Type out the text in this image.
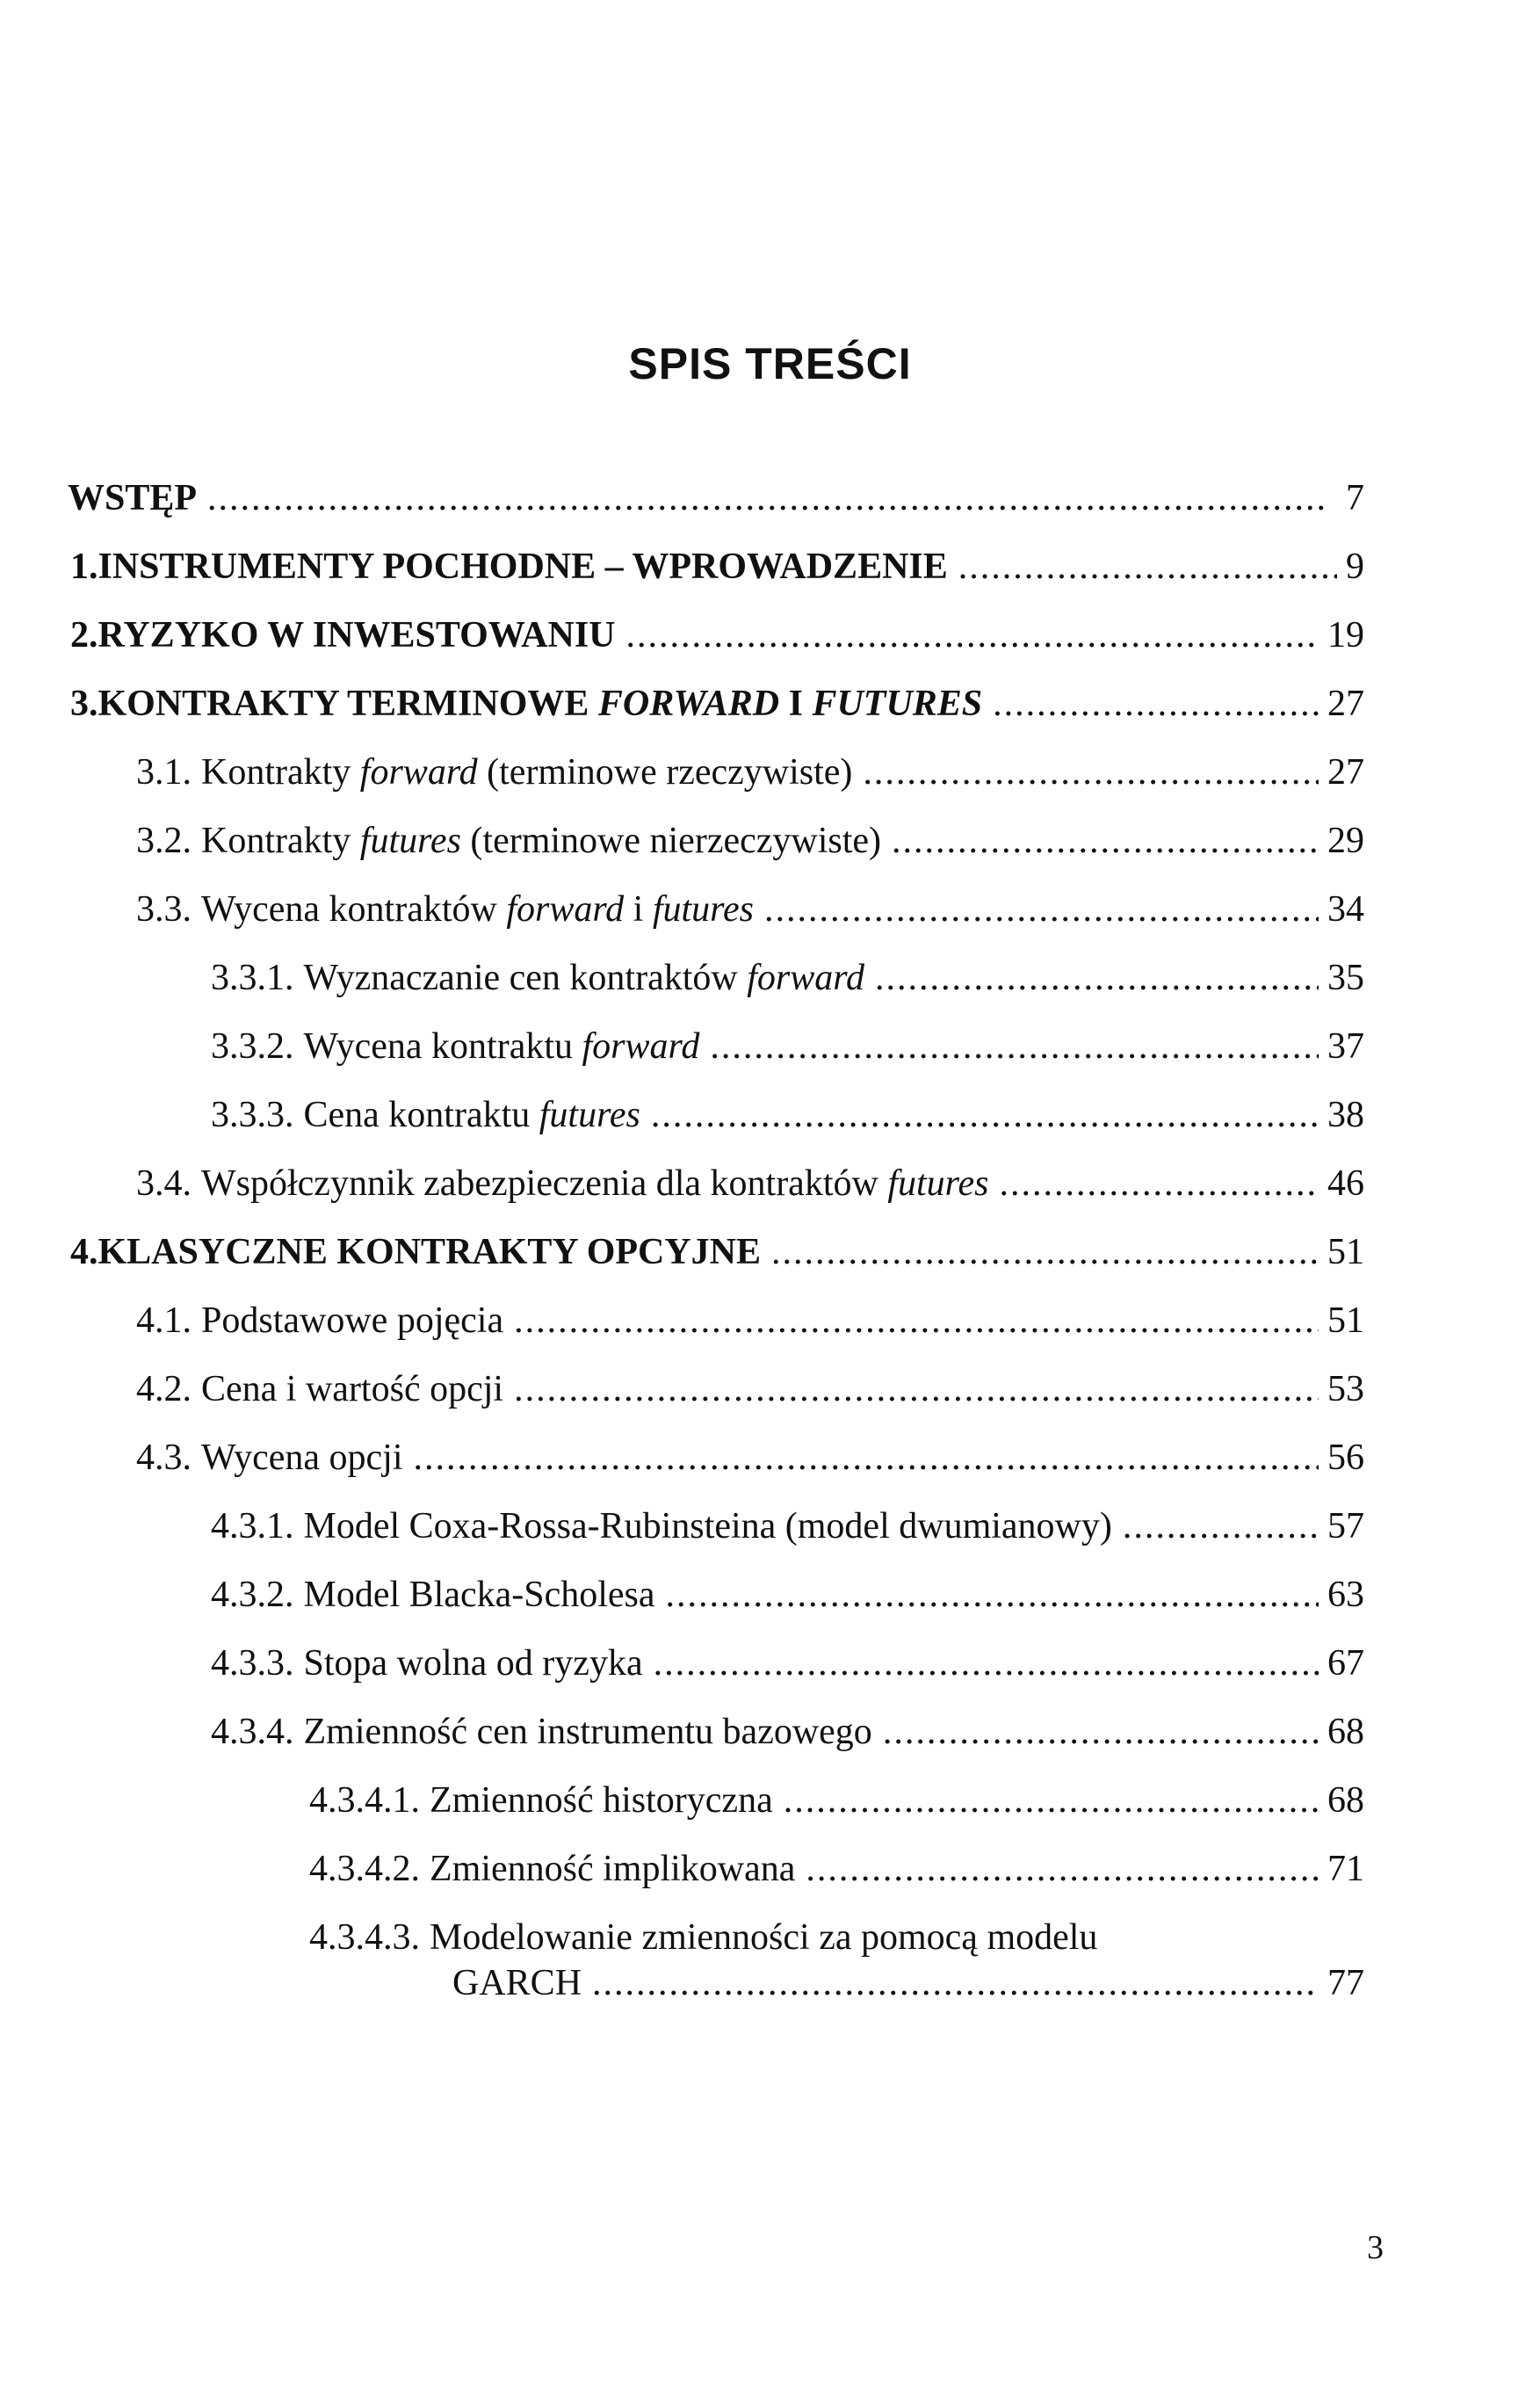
SPIS TREŚCI
WSTĘP .....	7
1. INSTRUMENTY POCHODNE – WPROWADZENIE .....	9
2. RYZYKO W INWESTOWANIU .....	19
3. KONTRAKTY TERMINOWE FORWARD I FUTURES .....	27
3.1. Kontrakty forward (terminowe rzeczywiste) .....	27
3.2. Kontrakty futures (terminowe nierzeczywiste) .....	29
3.3. Wycena kontraktów forward i futures .....	34
3.3.1. Wyznaczanie cen kontraktów forward .....	35
3.3.2. Wycena kontraktu forward .....	37
3.3.3. Cena kontraktu futures .....	38
3.4. Współczynnik zabezpieczenia dla kontraktów futures .....	46
4. KLASYCZNE KONTRAKTY OPCYJNE .....	51
4.1. Podstawowe pojęcia .....	51
4.2. Cena i wartość opcji .....	53
4.3. Wycena opcji .....	56
4.3.1. Model Coxa-Rossa-Rubinsteina (model dwumianowy) .....	57
4.3.2. Model Blacka-Scholesa .....	63
4.3.3. Stopa wolna od ryzyka .....	67
4.3.4. Zmienność cen instrumentu bazowego .....	68
4.3.4.1. Zmienność historyczna .....	68
4.3.4.2. Zmienność implikowana .....	71
4.3.4.3. Modelowanie zmienności za pomocą modelu
GARCH .....	77
3
